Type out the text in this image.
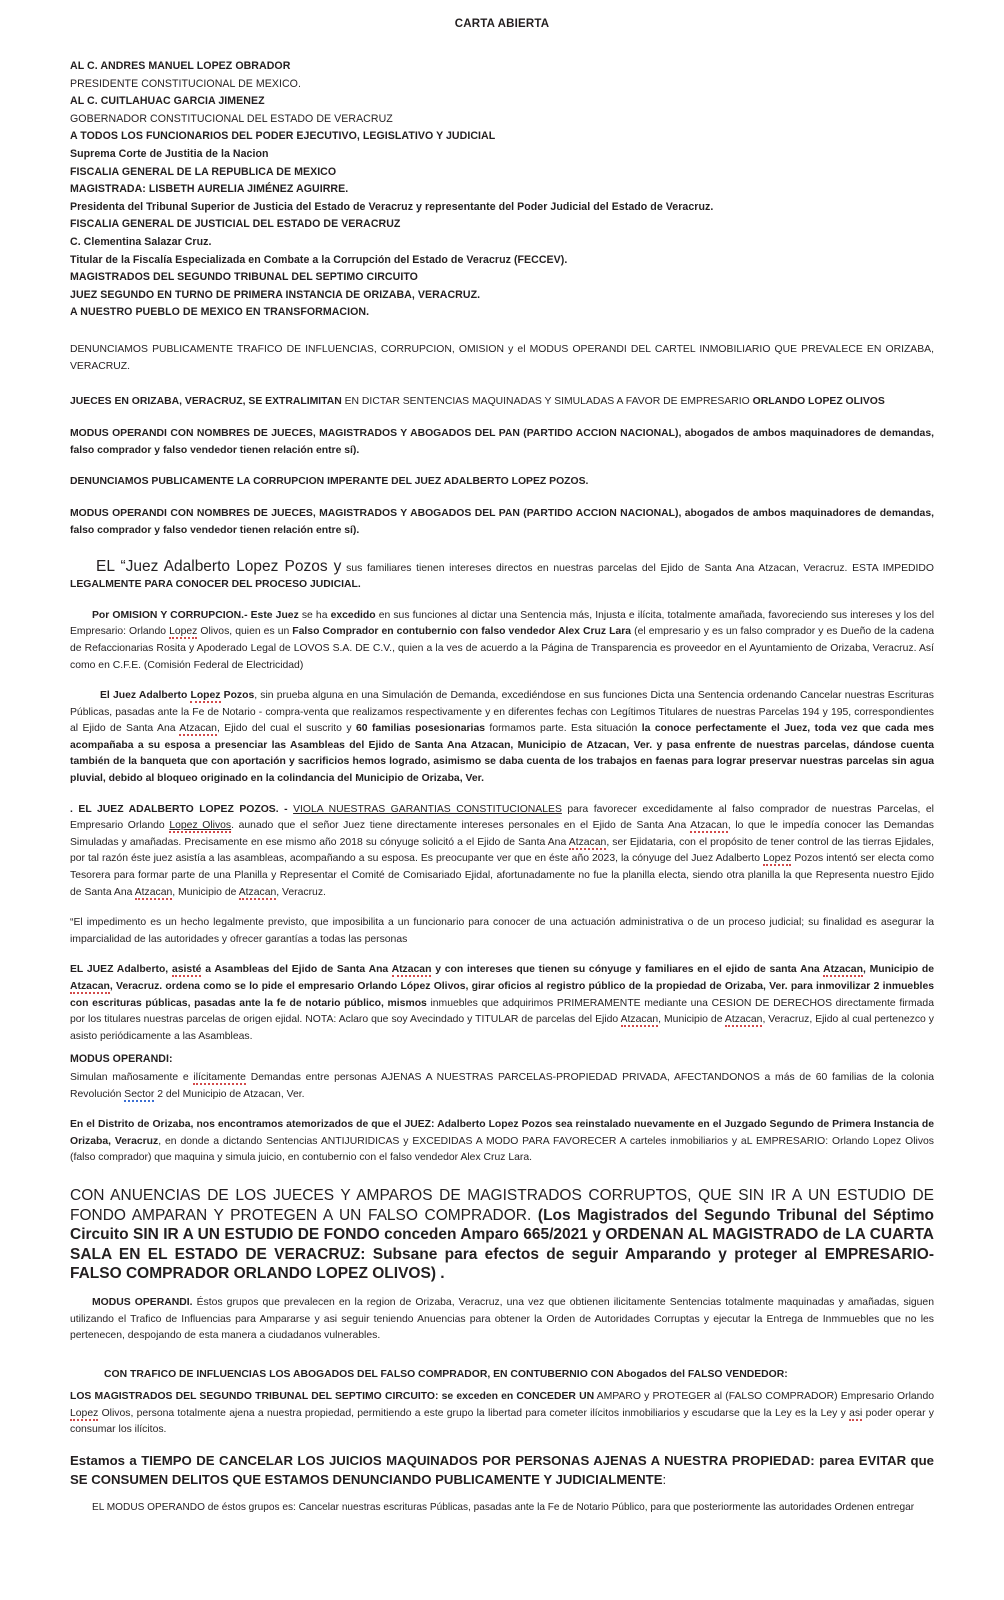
CARTA ABIERTA
AL C. ANDRES MANUEL LOPEZ OBRADOR
PRESIDENTE CONSTITUCIONAL DE MEXICO.
AL C. CUITLAHUAC GARCIA JIMENEZ
GOBERNADOR CONSTITUCIONAL DEL ESTADO DE VERACRUZ
A TODOS LOS FUNCIONARIOS DEL PODER EJECUTIVO, LEGISLATIVO Y JUDICIAL
Suprema Corte de Justitia de la Nacion
FISCALIA GENERAL DE LA REPUBLICA DE MEXICO
MAGISTRADA: LISBETH AURELIA JIMÉNEZ AGUIRRE.
Presidenta del Tribunal Superior de Justicia del Estado de Veracruz y representante del Poder Judicial del Estado de Veracruz.
FISCALIA GENERAL DE JUSTICIAL DEL ESTADO DE VERACRUZ
C. Clementina Salazar Cruz.
Titular de la Fiscalía Especializada en Combate a la Corrupción del Estado de Veracruz (FECCEV).
MAGISTRADOS DEL SEGUNDO TRIBUNAL DEL SEPTIMO CIRCUITO
JUEZ SEGUNDO EN TURNO DE PRIMERA INSTANCIA DE ORIZABA, VERACRUZ.
A NUESTRO PUEBLO DE MEXICO EN TRANSFORMACION.

DENUNCIAMOS PUBLICAMENTE TRAFICO DE INFLUENCIAS, CORRUPCION, OMISION y el MODUS OPERANDI DEL CARTEL INMOBILIARIO QUE PREVALECE EN ORIZABA, VERACRUZ.

JUECES EN ORIZABA, VERACRUZ, SE EXTRALIMITAN EN DICTAR SENTENCIAS MAQUINADAS Y SIMULADAS A FAVOR DE EMPRESARIO ORLANDO LOPEZ OLIVOS

MODUS OPERANDI CON NOMBRES DE JUECES, MAGISTRADOS Y ABOGADOS DEL PAN (PARTIDO ACCION NACIONAL), abogados de ambos maquinadores de demandas, falso comprador y falso vendedor tienen relación entre sí).

DENUNCIAMOS PUBLICAMENTE LA CORRUPCION IMPERANTE DEL JUEZ ADALBERTO LOPEZ POZOS.

MODUS OPERANDI CON NOMBRES DE JUECES, MAGISTRADOS Y ABOGADOS DEL PAN (PARTIDO ACCION NACIONAL), abogados de ambos maquinadores de demandas, falso comprador y falso vendedor tienen relación entre sí).

EL “Juez Adalberto Lopez Pozos y sus familiares tienen intereses directos en nuestras parcelas del Ejido de Santa Ana Atzacan, Veracruz. ESTA IMPEDIDO LEGALMENTE PARA CONOCER DEL PROCESO JUDICIAL.

Por OMISION Y CORRUPCION.- Este Juez se ha excedido en sus funciones al dictar una Sentencia más, Injusta e ilícita, totalmente amañada, favoreciendo sus intereses y los del Empresario: Orlando Lopez Olivos, quien es un Falso Comprador en contubernio con falso vendedor Alex Cruz Lara (el empresario y es un falso comprador y es Dueño de la cadena de Refaccionarias Rosita y Apoderado Legal de LOVOS S.A. DE C.V., quien a la ves de acuerdo a la Página de Transparencia es proveedor en el Ayuntamiento de Orizaba, Veracruz. Así como en C.F.E. (Comisión Federal de Electricidad)

El Juez Adalberto Lopez Pozos, sin prueba alguna en una Simulación de Demanda, excediéndose en sus funciones Dicta una Sentencia ordenando Cancelar nuestras Escrituras Públicas, pasadas ante la Fe de Notario - compra-venta que realizamos respectivamente y en diferentes fechas con Legítimos Titulares de nuestras Parcelas 194 y 195, correspondientes al Ejido de Santa Ana Atzacan, Ejido del cual el suscrito y 60 familias posesionarias formamos parte. Esta situación la conoce perfectamente el Juez, toda vez que cada mes acompañaba a su esposa a presenciar las Asambleas del Ejido de Santa Ana Atzacan, Municipio de Atzacan, Ver. y pasa enfrente de nuestras parcelas, dándose cuenta también de la banqueta que con aportación y sacrificios hemos logrado, asimismo se daba cuenta de los trabajos en faenas para lograr preservar nuestras parcelas sin agua pluvial, debido al bloqueo originado en la colindancia del Municipio de Orizaba, Ver.

. EL JUEZ ADALBERTO LOPEZ POZOS. - VIOLA NUESTRAS GARANTIAS CONSTITUCIONALES para favorecer excedidamente al falso comprador de nuestras Parcelas, el Empresario Orlando Lopez Olivos. aunado que el señor Juez tiene directamente intereses personales en el Ejido de Santa Ana Atzacan, lo que le impedía conocer las Demandas Simuladas y amañadas. Precisamente en ese mismo año 2018 su cónyuge solicitó a el Ejido de Santa Ana Atzacan, ser Ejidataria, con el propósito de tener control de las tierras Ejidales, por tal razón éste juez asistía a las asambleas, acompañando a su esposa. Es preocupante ver que en éste año 2023, la cónyuge del Juez Adalberto Lopez Pozos intentó ser electa como Tesorera para formar parte de una Planilla y Representar el Comité de Comisariado Ejidal, afortunadamente no fue la planilla electa, siendo otra planilla la que Representa nuestro Ejido de Santa Ana Atzacan, Municipio de Atzacan, Veracruz.

“El impedimento es un hecho legalmente previsto, que imposibilita a un funcionario para conocer de una actuación administrativa o de un proceso judicial; su finalidad es asegurar la imparcialidad de las autoridades y ofrecer garantías a todas las personas

EL JUEZ Adalberto, asisté a Asambleas del Ejido de Santa Ana Atzacan y con intereses que tienen su cónyuge y familiares en el ejido de santa Ana Atzacan, Municipio de Atzacan, Veracruz. ordena como se lo pide el empresario Orlando López Olivos, girar oficios al registro público de la propiedad de Orizaba, Ver. para inmovilizar 2 inmuebles con escrituras públicas, pasadas ante la fe de notario público, mismos inmuebles que adquirimos PRIMERAMENTE mediante una CESION DE DERECHOS directamente firmada por los titulares nuestras parcelas de origen ejidal. NOTA: Aclaro que soy Avecindado y TITULAR de parcelas del Ejido Atzacan, Municipio de Atzacan, Veracruz, Ejido al cual pertenezco y asisto periódicamente a las Asambleas.

MODUS OPERANDI:

Simulan mañosamente e ilícitamente Demandas entre personas AJENAS A NUESTRAS PARCELAS-PROPIEDAD PRIVADA, AFECTANDONOS a más de 60 familias de la colonia Revolución Sector 2 del Municipio de Atzacan, Ver.

En el Distrito de Orizaba, nos encontramos atemorizados de que el JUEZ: Adalberto Lopez Pozos sea reinstalado nuevamente en el Juzgado Segundo de Primera Instancia de Orizaba, Veracruz, en donde a dictando Sentencias ANTIJURIDICAS y EXCEDIDAS A MODO PARA FAVORECER A carteles inmobiliarios y aL EMPRESARIO: Orlando Lopez Olivos (falso comprador) que maquina y simula juicio, en contubernio con el falso vendedor Alex Cruz Lara.

CON ANUENCIAS DE LOS JUECES Y AMPAROS DE MAGISTRADOS CORRUPTOS, QUE SIN IR A UN ESTUDIO DE FONDO AMPARAN Y PROTEGEN A UN FALSO COMPRADOR. (Los Magistrados del Segundo Tribunal del Séptimo Circuito SIN IR A UN ESTUDIO DE FONDO conceden Amparo 665/2021 y ORDENAN AL MAGISTRADO de LA CUARTA SALA EN EL ESTADO DE VERACRUZ: Subsane para efectos de seguir Amparando y proteger al EMPRESARIO-FALSO COMPRADOR ORLANDO LOPEZ OLIVOS) .

MODUS OPERANDI. Éstos grupos que prevalecen en la region de Orizaba, Veracruz, una vez que obtienen ilicitamente Sentencias totalmente maquinadas y amañadas, siguen utilizando el Trafico de Influencias para Ampararse y asi seguir teniendo Anuencias para obtener la Orden de Autoridades Corruptas y ejecutar la Entrega de Inmmuebles que no les pertenecen, despojando de esta manera a ciudadanos vulnerables.

CON TRAFICO DE INFLUENCIAS LOS ABOGADOS DEL FALSO COMPRADOR, EN CONTUBERNIO CON Abogados del FALSO VENDEDOR:

LOS MAGISTRADOS DEL SEGUNDO TRIBUNAL DEL SEPTIMO CIRCUITO: se exceden en CONCEDER UN AMPARO y PROTEGER al (FALSO COMPRADOR) Empresario Orlando Lopez Olivos, persona totalmente ajena a nuestra propiedad, permitiendo a este grupo la libertad para cometer ilícitos inmobiliarios y escudarse que la Ley es la Ley y asi poder operar y consumar los ilícitos.

Estamos a TIEMPO DE CANCELAR LOS JUICIOS MAQUINADOS POR PERSONAS AJENAS A NUESTRA PROPIEDAD: parea EVITAR que SE CONSUMEN DELITOS QUE ESTAMOS DENUNCIANDO PUBLICAMENTE Y JUDICIALMENTE:

EL MODUS OPERANDO de éstos grupos es: Cancelar nuestras escrituras Públicas, pasadas ante la Fe de Notario Público, para que posteriormente las autoridades Ordenen entregar
